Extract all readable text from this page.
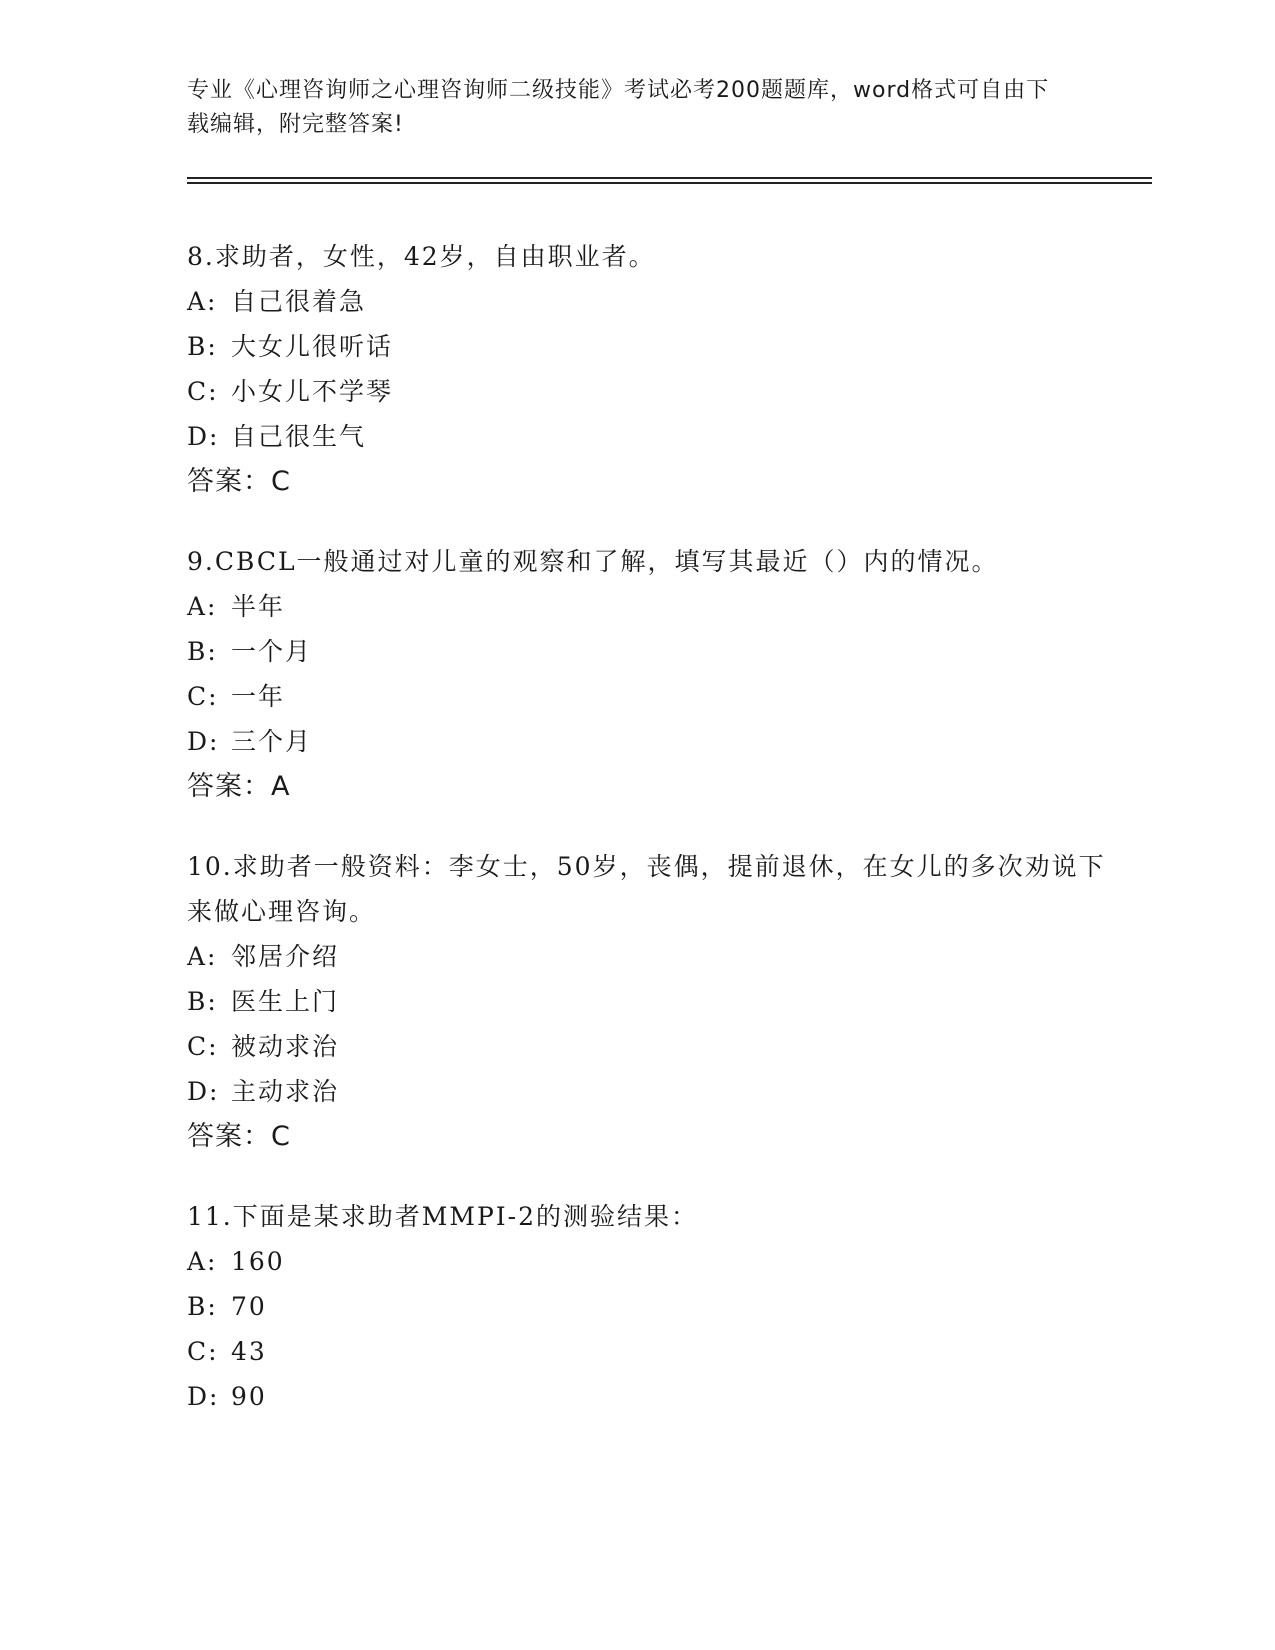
专业《心理咨询师之心理咨询师二级技能》考试必考200题题库，word格式可自由下载编辑，附完整答案!
8.求助者，女性，42岁，自由职业者。
A: 自己很着急
B: 大女儿很听话
C: 小女儿不学琴
D: 自己很生气
答案：C
9.CBCL一般通过对儿童的观察和了解，填写其最近（）内的情况。
A: 半年
B: 一个月
C: 一年
D: 三个月
答案：A
10.求助者一般资料：李女士，50岁，丧偶，提前退休，在女儿的多次劝说下来做心理咨询。
A: 邻居介绍
B: 医生上门
C: 被动求治
D: 主动求治
答案：C
11.下面是某求助者MMPI-2的测验结果：
A: 160
B: 70
C: 43
D: 90
